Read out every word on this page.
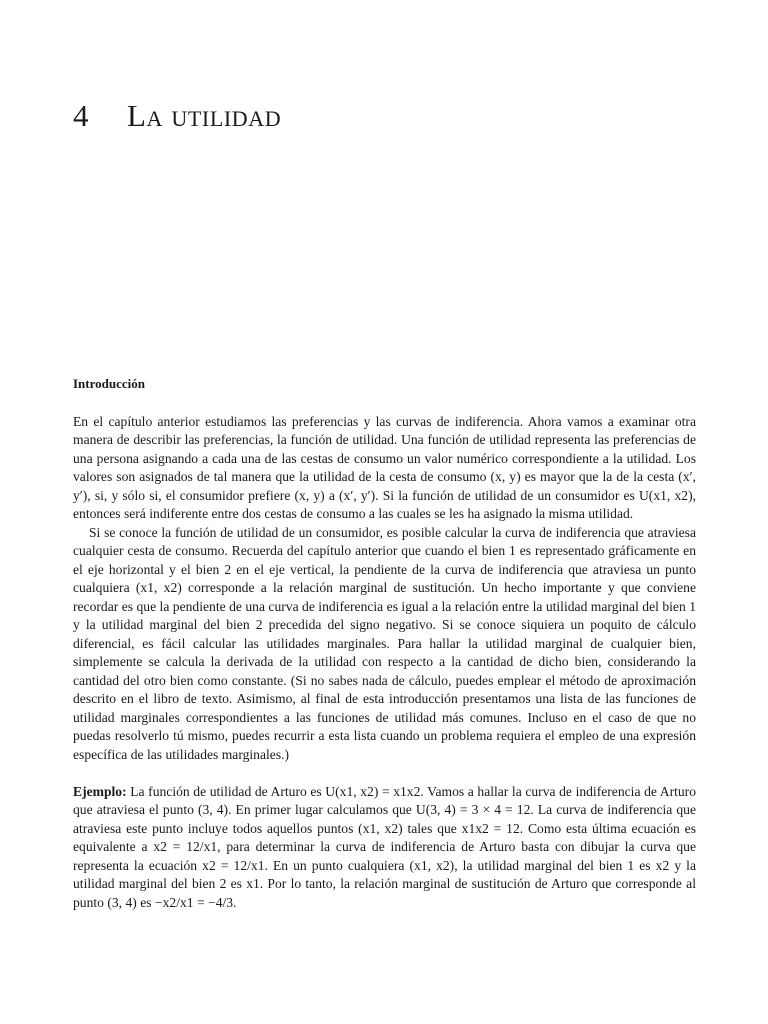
4 La utilidad
Introducción

En el capítulo anterior estudiamos las preferencias y las curvas de indiferencia. Ahora vamos a examinar otra manera de describir las preferencias, la función de utilidad. Una función de utilidad representa las preferencias de una persona asignando a cada una de las cestas de consumo un valor numérico correspondiente a la utilidad. Los valores son asignados de tal manera que la utilidad de la cesta de consumo (x, y) es mayor que la de la cesta (x′, y′), si, y sólo si, el consumidor prefiere (x, y) a (x′, y′). Si la función de utilidad de un consumidor es U(x1, x2), entonces será indiferente entre dos cestas de consumo a las cuales se les ha asignado la misma utilidad.

Si se conoce la función de utilidad de un consumidor, es posible calcular la curva de indiferencia que atraviesa cualquier cesta de consumo. Recuerda del capítulo anterior que cuando el bien 1 es representado gráficamente en el eje horizontal y el bien 2 en el eje vertical, la pendiente de la curva de indiferencia que atraviesa un punto cualquiera (x1, x2) corresponde a la relación marginal de sustitución. Un hecho importante y que conviene recordar es que la pendiente de una curva de indiferencia es igual a la relación entre la utilidad marginal del bien 1 y la utilidad marginal del bien 2 precedida del signo negativo. Si se conoce siquiera un poquito de cálculo diferencial, es fácil calcular las utilidades marginales. Para hallar la utilidad marginal de cualquier bien, simplemente se calcula la derivada de la utilidad con respecto a la cantidad de dicho bien, considerando la cantidad del otro bien como constante. (Si no sabes nada de cálculo, puedes emplear el método de aproximación descrito en el libro de texto. Asimismo, al final de esta introducción presentamos una lista de las funciones de utilidad marginales correspondientes a las funciones de utilidad más comunes. Incluso en el caso de que no puedas resolverlo tú mismo, puedes recurrir a esta lista cuando un problema requiera el empleo de una expresión específica de las utilidades marginales.)

Ejemplo: La función de utilidad de Arturo es U(x1, x2) = x1x2. Vamos a hallar la curva de indiferencia de Arturo que atraviesa el punto (3, 4). En primer lugar calculamos que U(3, 4) = 3 × 4 = 12. La curva de indiferencia que atraviesa este punto incluye todos aquellos puntos (x1, x2) tales que x1x2 = 12. Como esta última ecuación es equivalente a x2 = 12/x1, para determinar la curva de indiferencia de Arturo basta con dibujar la curva que representa la ecuación x2 = 12/x1. En un punto cualquiera (x1, x2), la utilidad marginal del bien 1 es x2 y la utilidad marginal del bien 2 es x1. Por lo tanto, la relación marginal de sustitución de Arturo que corresponde al punto (3, 4) es −x2/x1 = −4/3.
